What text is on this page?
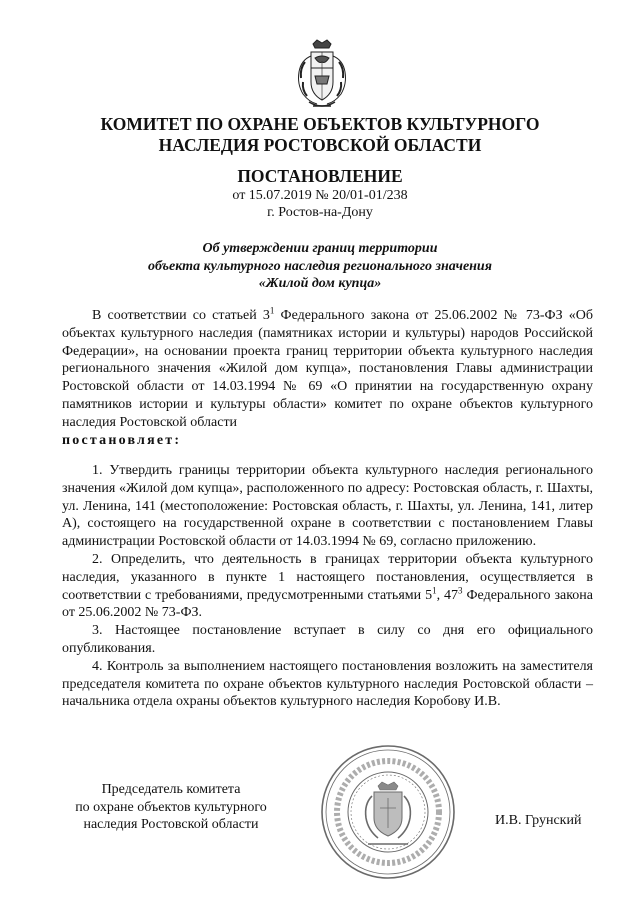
КОМИТЕТ ПО ОХРАНЕ ОБЪЕКТОВ КУЛЬТУРНОГО
НАСЛЕДИЯ РОСТОВСКОЙ ОБЛАСТИ
ПОСТАНОВЛЕНИЕ
от 15.07.2019 № 20/01-01/238
г. Ростов-на-Дону
Об утверждении границ территории
объекта культурного наследия регионального значения
«Жилой дом купца»
В соответствии со статьей $3^1$ Федерального закона от 25.06.2002 № 73-ФЗ «Об объектах культурного наследия (памятниках истории и культуры) народов Российской Федерации», на основании проекта границ территории объекта культурного наследия регионального значения «Жилой дом купца», постановления Главы администрации Ростовской области от 14.03.1994 № 69 «О принятии на государственную охрану памятников истории и культуры области» комитет по охране объектов культурного наследия Ростовской области
постановляет:

1. Утвердить границы территории объекта культурного наследия регионального значения «Жилой дом купца», расположенного по адресу: Ростовская область, г. Шахты, ул. Ленина, 141 (местоположение: Ростовская область, г. Шахты, ул. Ленина, 141, литер А), состоящего на государственной охране в соответствии с постановлением Главы администрации Ростовской области от 14.03.1994 № 69, согласно приложению.

2. Определить, что деятельность в границах территории объекта культурного наследия, указанного в пункте 1 настоящего постановления, осуществляется в соответствии с требованиями, предусмотренными статьями $5^1$, $47^3$ Федерального закона от 25.06.2002 № 73-ФЗ.

3. Настоящее постановление вступает в силу со дня его официального опубликования.

4. Контроль за выполнением настоящего постановления возложить на заместителя председателя комитета по охране объектов культурного наследия Ростовской области – начальника отдела охраны объектов культурного наследия Коробову И.В.

Председатель комитета
по охране объектов культурного
наследия Ростовской области	И.В. Грунский
